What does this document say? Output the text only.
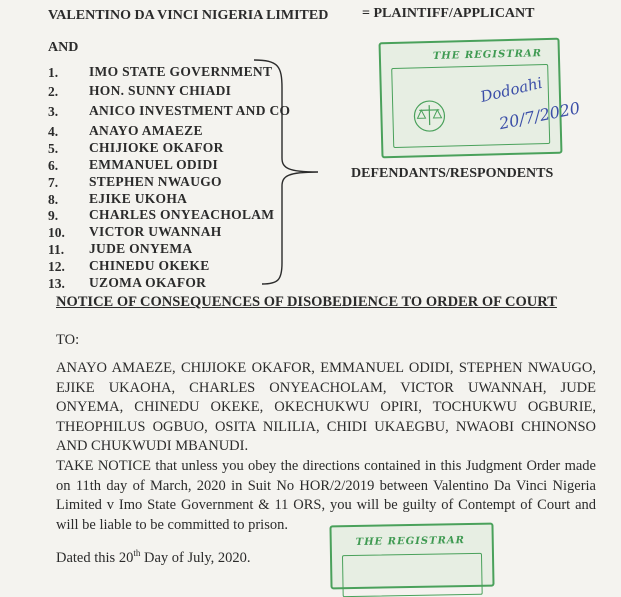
VALENTINO DA VINCI NIGERIA LIMITED = PLAINTIFF/APPLICANT
AND
1. IMO STATE GOVERNMENT
2. HON. SUNNY CHIADI
3. ANICO INVESTMENT AND CO
4. ANAYO AMAEZE
5. CHIJIOKE OKAFOR
6. EMMANUEL ODIDI
7. STEPHEN NWAUGO
8. EJIKE UKOHA
9. CHARLES ONYEACHOLAM
10. VICTOR UWANNAH
11. JUDE ONYEMA
12. CHINEDU OKEKE
13. UZOMA OKAFOR
DEFENDANTS/RESPONDENTS
THE REGISTRAR
Dodoahi
20/7/2020
NOTICE OF CONSEQUENCES OF DISOBEDIENCE TO ORDER OF COURT
TO:
ANAYO AMAEZE, CHIJIOKE OKAFOR, EMMANUEL ODIDI, STEPHEN NWAUGO, EJIKE UKAOHA, CHARLES ONYEACHOLAM, VICTOR UWANNAH, JUDE ONYEMA, CHINEDU OKEKE, OKECHUKWU OPIRI, TOCHUKWU OGBURIE, THEOPHILUS OGBUO, OSITA NILILIA, CHIDI UKAEGBU, NWAOBI CHINONSO AND CHUKWUDI MBANUDI.
TAKE NOTICE that unless you obey the directions contained in this Judgment Order made on 11th day of March, 2020 in Suit No HOR/2/2019 between Valentino Da Vinci Nigeria Limited v Imo State Government & 11 ORS, you will be guilty of Contempt of Court and will be liable to be committed to prison.
Dated this 20th Day of July, 2020.
THE REGISTRAR
